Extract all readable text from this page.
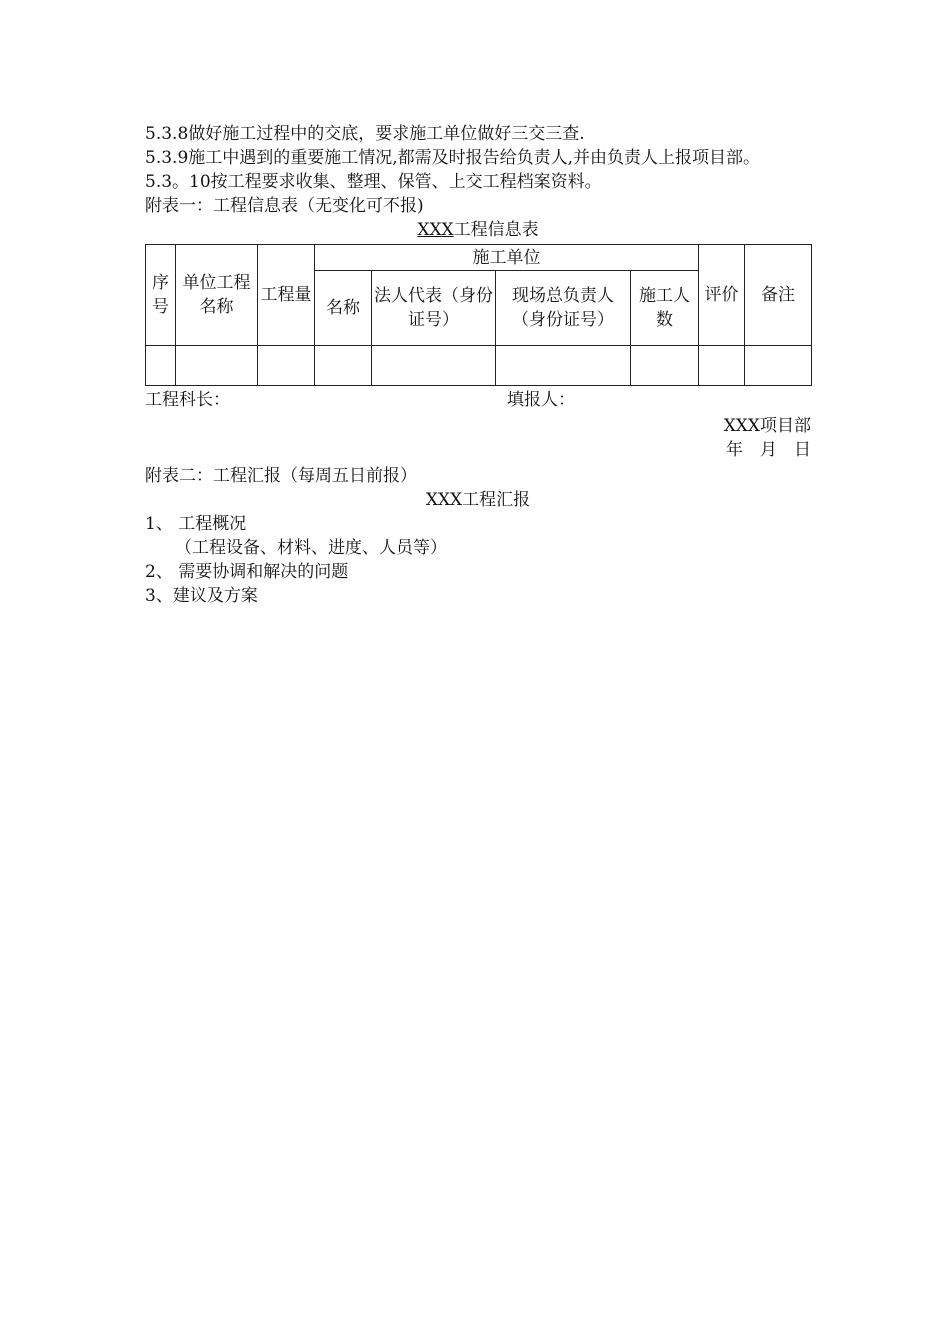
5.3.8做好施工过程中的交底，要求施工单位做好三交三查.
5.3.9施工中遇到的重要施工情况,都需及时报告给负责人,并由负责人上报项目部。
5.3。10按工程要求收集、整理、保管、上交工程档案资料。
附表一：工程信息表（无变化可不报)
XXX工程信息表
序号	单位工程名称	工程量	施工单位				评价	备注
			名称	法人代表（身份证号）	现场总负责人（身份证号）	施工人数		

工程科长：	填报人：
XXX项目部
年　月　日
附表二：工程汇报（每周五日前报）
XXX工程汇报
1、 工程概况
（工程设备、材料、进度、人员等）
2、 需要协调和解决的问题
3、建议及方案
